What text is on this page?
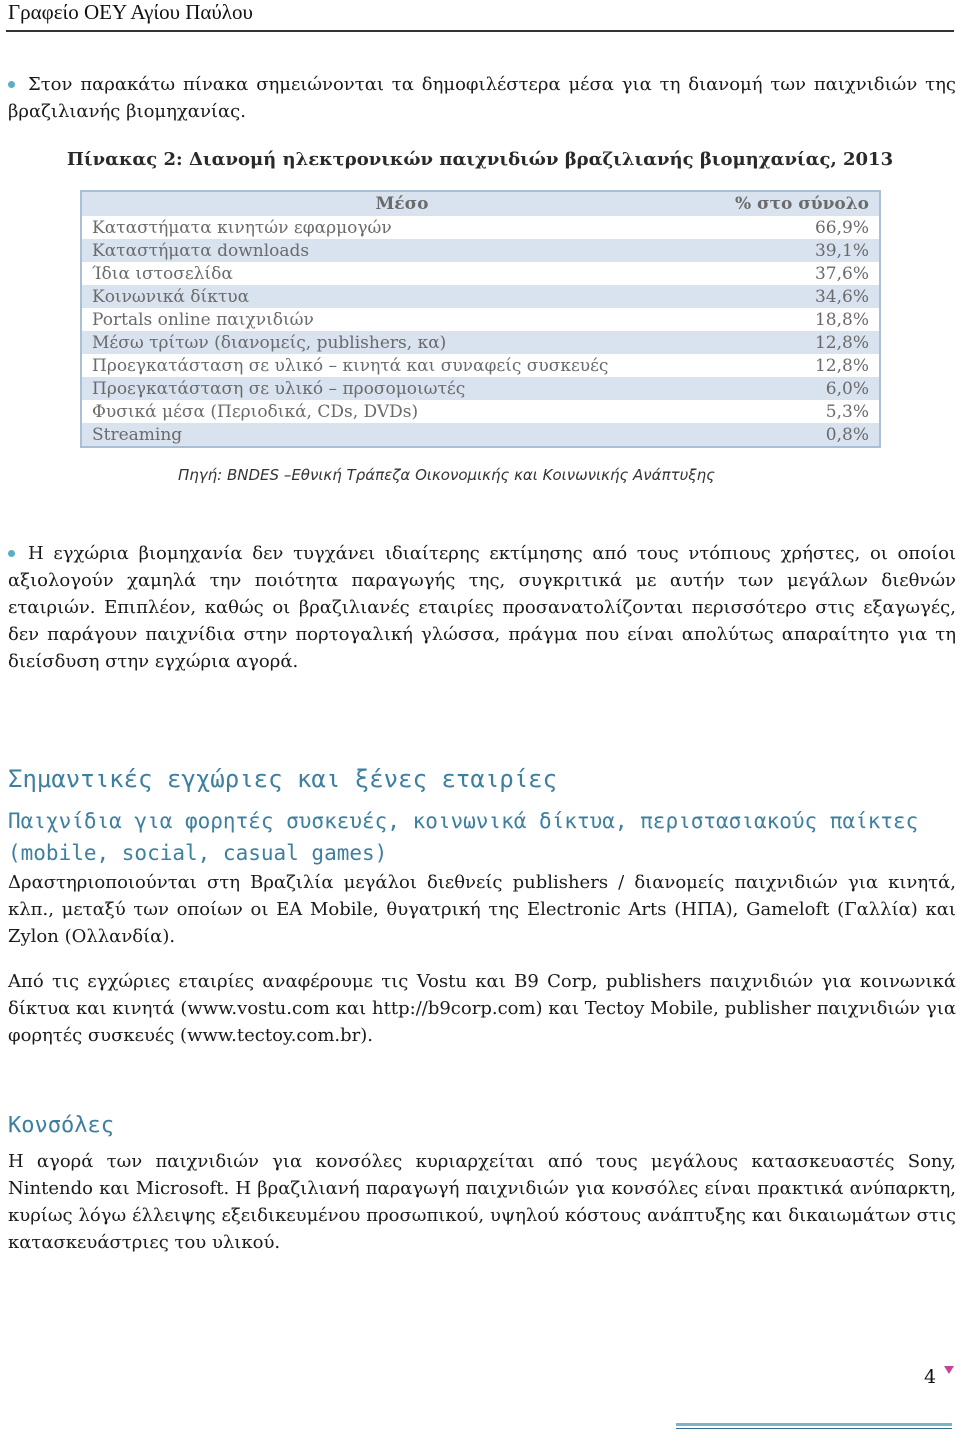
Γραφείο ΟΕΥ Αγίου Παύλου
Στον παρακάτω πίνακα σημειώνονται τα δημοφιλέστερα μέσα για τη διανομή των παιχνιδιών της βραζιλιανής βιομηχανίας.
Πίνακας 2: Διανομή ηλεκτρονικών παιχνιδιών βραζιλιανής βιομηχανίας, 2013
Μέσο	% στο σύνολο
Καταστήματα κινητών εφαρμογών	66,9%
Καταστήματα downloads	39,1%
Ίδια ιστοσελίδα	37,6%
Κοινωνικά δίκτυα	34,6%
Portals online παιχνιδιών	18,8%
Μέσω τρίτων (διανομείς, publishers, κα)	12,8%
Προεγκατάσταση σε υλικό – κινητά και συναφείς συσκευές	12,8%
Προεγκατάσταση σε υλικό – προσομοιωτές	6,0%
Φυσικά μέσα (Περιοδικά, CDs, DVDs)	5,3%
Streaming	0,8%
Πηγή: BNDES –Εθνική Τράπεζα Οικονομικής και Κοινωνικής Ανάπτυξης
Η εγχώρια βιομηχανία δεν τυγχάνει ιδιαίτερης εκτίμησης από τους ντόπιους χρήστες, οι οποίοι αξιολογούν χαμηλά την ποιότητα παραγωγής της, συγκριτικά με αυτήν των μεγάλων διεθνών εταιριών. Επιπλέον, καθώς οι βραζιλιανές εταιρίες προσανατολίζονται περισσότερο στις εξαγωγές, δεν παράγουν παιχνίδια στην πορτογαλική γλώσσα, πράγμα που είναι απολύτως απαραίτητο για τη διείσδυση στην εγχώρια αγορά.
Σημαντικές εγχώριες και ξένες εταιρίες
Παιχνίδια για φορητές συσκευές, κοινωνικά δίκτυα, περιστασιακούς παίκτες (mobile, social, casual games)
Δραστηριοποιούνται στη Βραζιλία μεγάλοι διεθνείς publishers / διανομείς παιχνιδιών για κινητά, κλπ., μεταξύ των οποίων οι EA Mobile, θυγατρική της Electronic Arts (ΗΠΑ), Gameloft (Γαλλία) και Zylon (Ολλανδία).
Από τις εγχώριες εταιρίες αναφέρουμε τις Vostu και B9 Corp, publishers παιχνιδιών για κοινωνικά δίκτυα και κινητά (www.vostu.com και http://b9corp.com) και Tectoy Mobile, publisher παιχνιδιών για φορητές συσκευές (www.tectoy.com.br).
Κονσόλες
Η αγορά των παιχνιδιών για κονσόλες κυριαρχείται από τους μεγάλους κατασκευαστές Sony, Nintendo και Microsoft. Η βραζιλιανή παραγωγή παιχνιδιών για κονσόλες είναι πρακτικά ανύπαρκτη, κυρίως λόγω έλλειψης εξειδικευμένου προσωπικού, υψηλού κόστους ανάπτυξης και δικαιωμάτων στις κατασκευάστριες του υλικού.
4
